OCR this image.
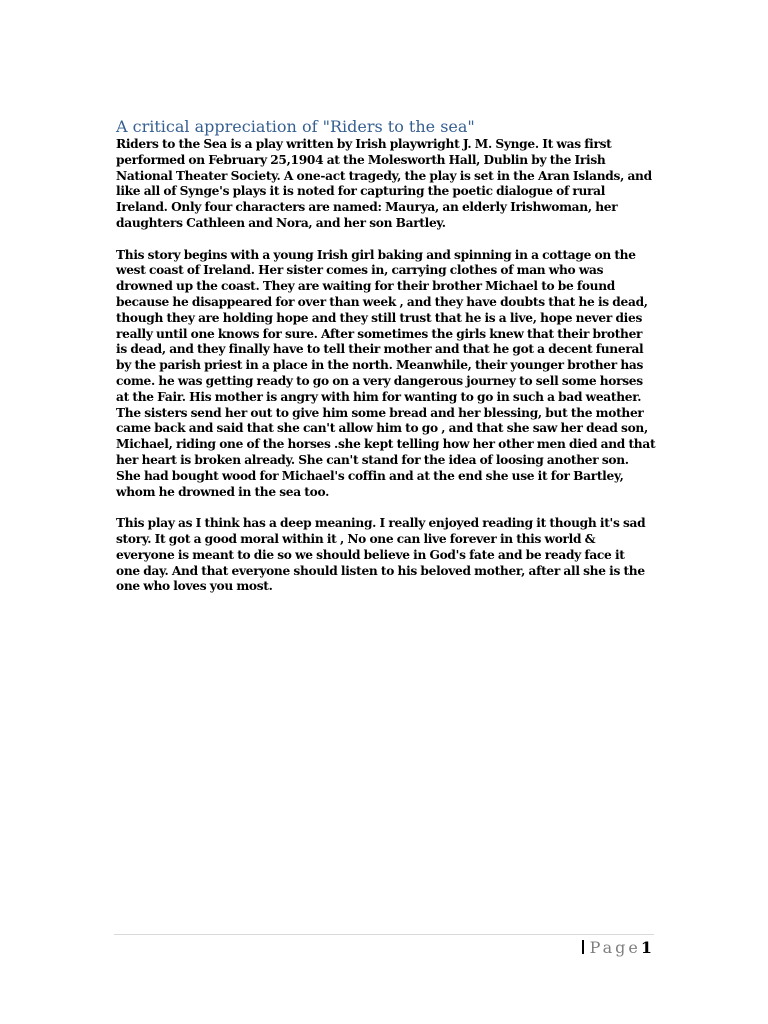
A critical appreciation of "Riders to the sea"

Riders to the Sea is a play written by Irish playwright J. M. Synge. It was first
performed on February 25,1904 at the Molesworth Hall, Dublin by the Irish
National Theater Society. A one-act tragedy, the play is set in the Aran Islands, and
like all of Synge's plays it is noted for capturing the poetic dialogue of rural
Ireland. Only four characters are named: Maurya, an elderly Irishwoman, her
daughters Cathleen and Nora, and her son Bartley.

This story begins with a young Irish girl baking and spinning in a cottage on the
west coast of Ireland. Her sister comes in, carrying clothes of man who was
drowned up the coast. They are waiting for their brother Michael to be found
because he disappeared for over than week , and they have doubts that he is dead,
though they are holding hope and they still trust that he is a live, hope never dies
really until one knows for sure. After sometimes the girls knew that their brother
is dead, and they finally have to tell their mother and that he got a decent funeral
by the parish priest in a place in the north. Meanwhile, their younger brother has
come. he was getting ready to go on a very dangerous journey to sell some horses
at the Fair. His mother is angry with him for wanting to go in such a bad weather.
The sisters send her out to give him some bread and her blessing, but the mother
came back and said that she can't allow him to go , and that she saw her dead son,
Michael, riding one of the horses .she kept telling how her other men died and that
her heart is broken already. She can't stand for the idea of loosing another son.
She had bought wood for Michael's coffin and at the end she use it for Bartley,
whom he drowned in the sea too.

This play as I think has a deep meaning. I really enjoyed reading it though it's sad
story. It got a good moral within it , No one can live forever in this world &
everyone is meant to die so we should believe in God's fate and be ready face it
one day. And that everyone should listen to his beloved mother, after all she is the
one who loves you most.

Page1
